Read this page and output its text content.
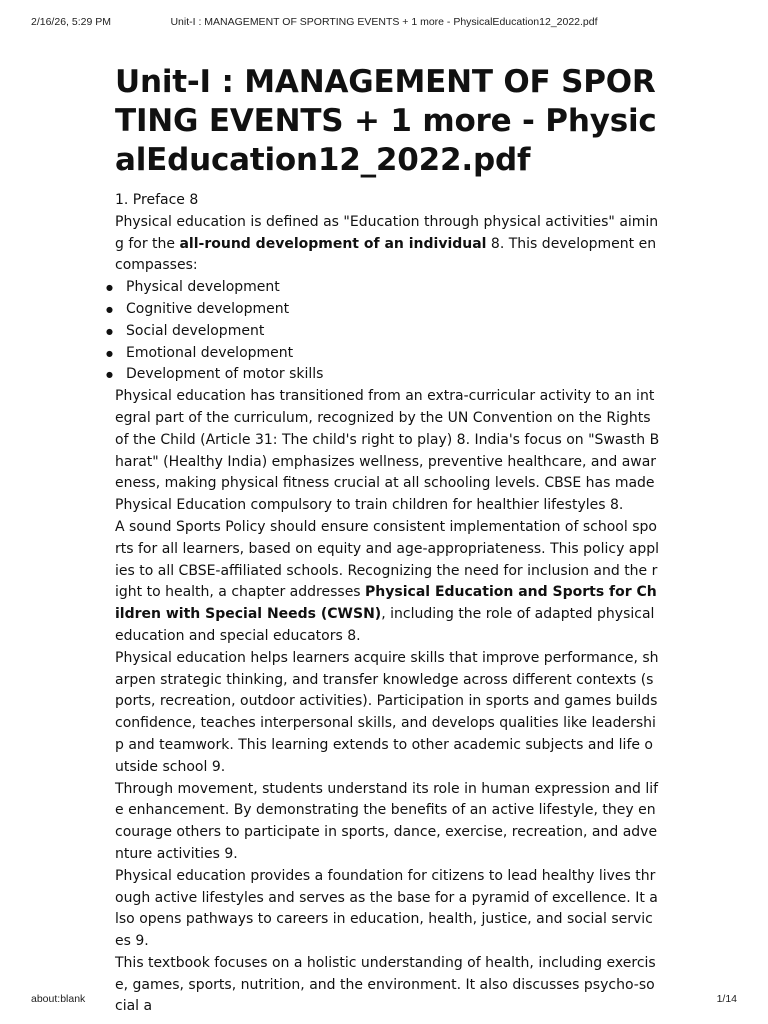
2/16/26, 5:29 PM	Unit-I : MANAGEMENT OF SPORTING EVENTS + 1 more - PhysicalEducation12_2022.pdf
Unit-I : MANAGEMENT OF SPORTING EVENTS + 1 more - PhysicalEducation12_2022.pdf
1. Preface 8

Physical education is defined as "Education through physical activities" aiming for the all-round development of an individual 8. This development encompasses:

● Physical development
● Cognitive development
● Social development
● Emotional development
● Development of motor skills

Physical education has transitioned from an extra-curricular activity to an integral part of the curriculum, recognized by the UN Convention on the Rights of the Child (Article 31: The child's right to play) 8. India's focus on "Swasth Bharat" (Healthy India) emphasizes wellness, preventive healthcare, and awareness, making physical fitness crucial at all schooling levels. CBSE has made Physical Education compulsory to train children for healthier lifestyles 8.

A sound Sports Policy should ensure consistent implementation of school sports for all learners, based on equity and age-appropriateness. This policy applies to all CBSE-affiliated schools. Recognizing the need for inclusion and the right to health, a chapter addresses Physical Education and Sports for Children with Special Needs (CWSN), including the role of adapted physical education and special educators 8.

Physical education helps learners acquire skills that improve performance, sharpen strategic thinking, and transfer knowledge across different contexts (sports, recreation, outdoor activities). Participation in sports and games builds confidence, teaches interpersonal skills, and develops qualities like leadership and teamwork. This learning extends to other academic subjects and life outside school 9.

Through movement, students understand its role in human expression and life enhancement. By demonstrating the benefits of an active lifestyle, they encourage others to participate in sports, dance, exercise, recreation, and adventure activities 9.

Physical education provides a foundation for citizens to lead healthy lives through active lifestyles and serves as the base for a pyramid of excellence. It also opens pathways to careers in education, health, justice, and social services 9.

This textbook focuses on a holistic understanding of health, including exercise, games, sports, nutrition, and the environment. It also discusses psycho-social a

about:blank	1/14
